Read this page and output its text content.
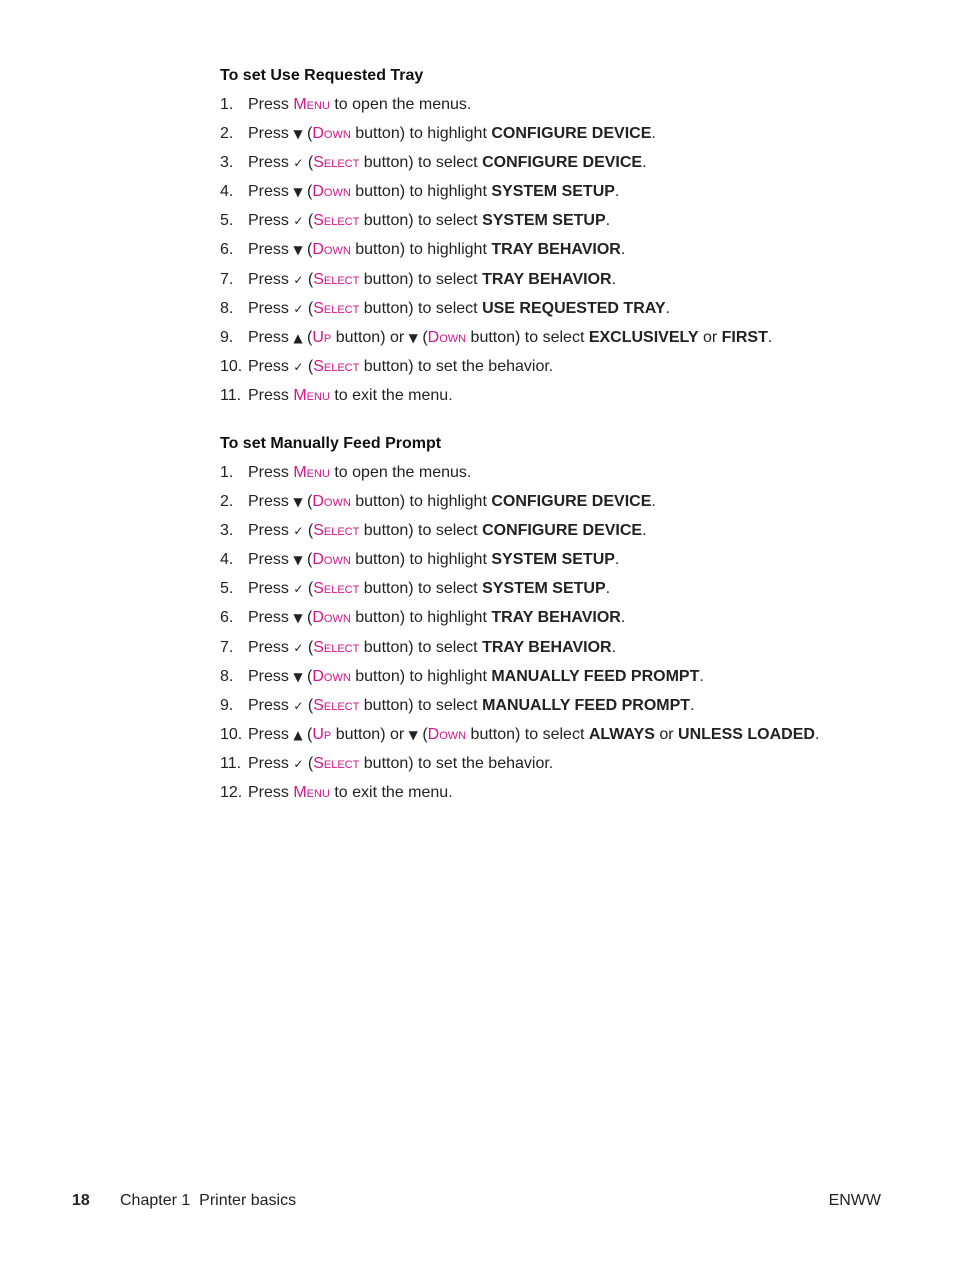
To set Use Requested Tray
1. Press Menu to open the menus.
2. Press ▼ (Down button) to highlight CONFIGURE DEVICE.
3. Press ✓ (Select button) to select CONFIGURE DEVICE.
4. Press ▼ (Down button) to highlight SYSTEM SETUP.
5. Press ✓ (Select button) to select SYSTEM SETUP.
6. Press ▼ (Down button) to highlight TRAY BEHAVIOR.
7. Press ✓ (Select button) to select TRAY BEHAVIOR.
8. Press ✓ (Select button) to select USE REQUESTED TRAY.
9. Press ▲ (Up button) or ▼ (Down button) to select EXCLUSIVELY or FIRST.
10. Press ✓ (Select button) to set the behavior.
11. Press Menu to exit the menu.
To set Manually Feed Prompt
1. Press Menu to open the menus.
2. Press ▼ (Down button) to highlight CONFIGURE DEVICE.
3. Press ✓ (Select button) to select CONFIGURE DEVICE.
4. Press ▼ (Down button) to highlight SYSTEM SETUP.
5. Press ✓ (Select button) to select SYSTEM SETUP.
6. Press ▼ (Down button) to highlight TRAY BEHAVIOR.
7. Press ✓ (Select button) to select TRAY BEHAVIOR.
8. Press ▼ (Down button) to highlight MANUALLY FEED PROMPT.
9. Press ✓ (Select button) to select MANUALLY FEED PROMPT.
10. Press ▲ (Up button) or ▼ (Down button) to select ALWAYS or UNLESS LOADED.
11. Press ✓ (Select button) to set the behavior.
12. Press Menu to exit the menu.
18 Chapter 1  Printer basics	ENWW
